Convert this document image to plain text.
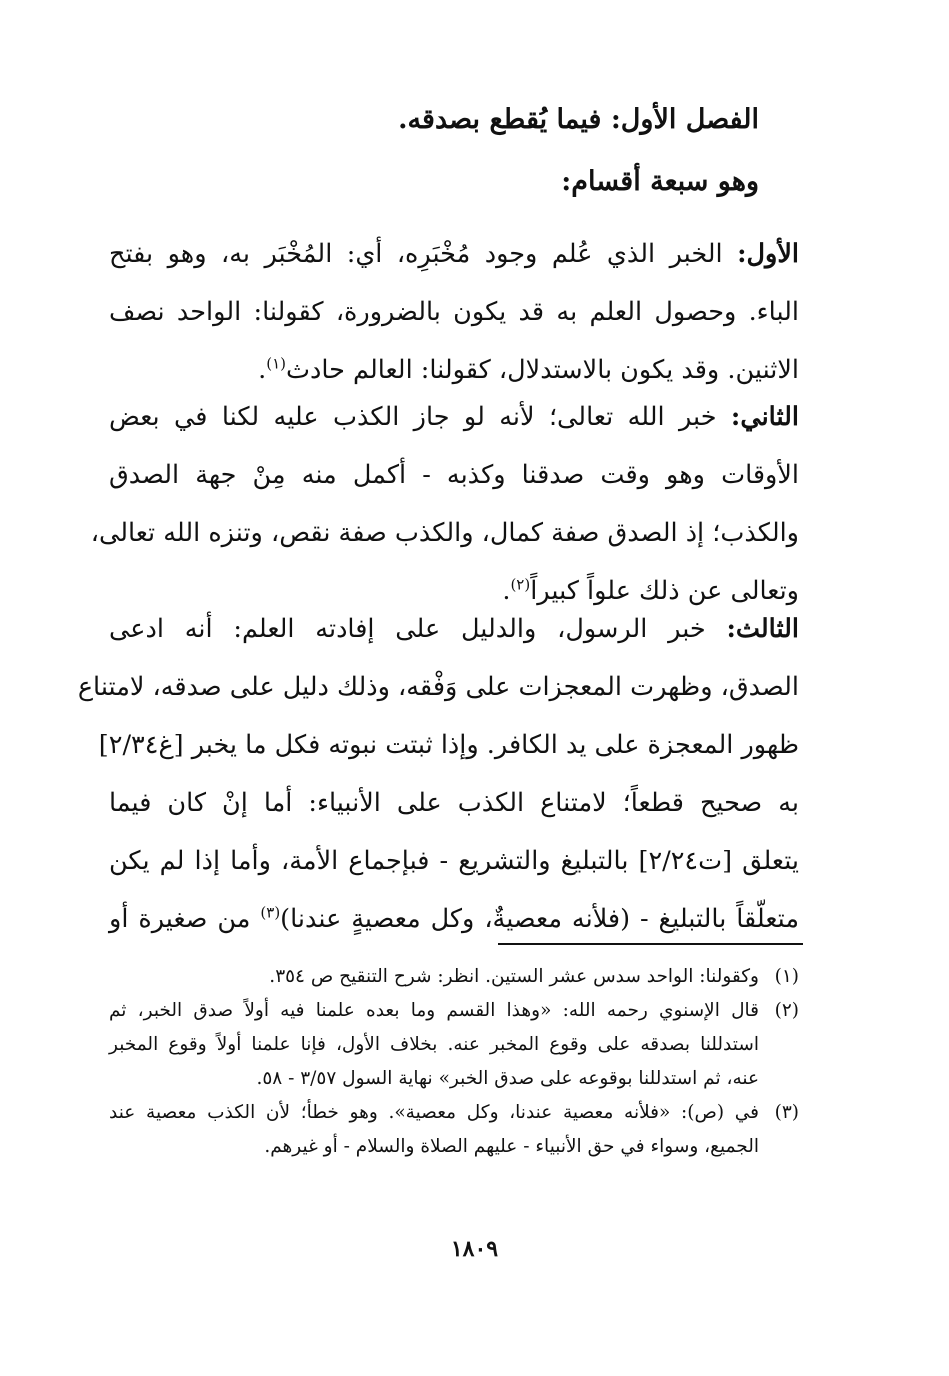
الفصل الأول: فيما يُقطع بصدقه.

وهو سبعة أقسام:

الأول: الخبر الذي عُلم وجود مُخْبَرِه، أي: المُخْبَر به، وهو بفتح
الباء. وحصول العلم به قد يكون بالضرورة، كقولنا: الواحد نصف
الاثنين. وقد يكون بالاستدلال، كقولنا: العالم حادث$^{(١)}$.
الثاني: خبر الله تعالى؛ لأنه لو جاز الكذب عليه لكنا في بعض
الأوقات وهو وقت صدقنا وكذبه - أكمل منه مِنْ جهة الصدق
والكذب؛ إذ الصدق صفة كمال، والكذب صفة نقص، وتنزه الله تعالى،
وتعالى عن ذلك علواً كبيراً$^{(٢)}$.
الثالث: خبر الرسول، والدليل على إفادته العلم: أنه ادعى
الصدق، وظهرت المعجزات على وَفْقه، وذلك دليل على صدقه، لامتناع
ظهور المعجزة على يد الكافر. وإذا ثبتت نبوته فكل ما يخبر [غ٢/٣٤]
به صحيح قطعاً؛ لامتناع الكذب على الأنبياء: أما إنْ كان فيما
يتعلق [ت٢/٢٤] بالتبليغ والتشريع - فبإجماع الأمة، وأما إذا لم يكن
متعلّقاً بالتبليغ - (فلأنه معصيةٌ، وكل معصيةٍ عندنا)$^{(٣)}$ من صغيرة أو
(١)وكقولنا: الواحد سدس عشر الستين. انظر: شرح التنقيح ص ٣٥٤.
(٢)قال الإسنوي رحمه الله: «وهذا القسم وما بعده علمنا فيه أولاً صدق الخبر، ثم
استدللنا بصدقه على وقوع المخبر عنه. بخلاف الأول، فإنا علمنا أولاً وقوع المخبر
عنه، ثم استدللنا بوقوعه على صدق الخبر» نهاية السول ٣/٥٧ - ٥٨.
(٣)في (ص): «فلأنه معصية عندنا، وكل معصية». وهو خطأ؛ لأن الكذب معصية عند
الجميع، وسواء في حق الأنبياء - عليهم الصلاة والسلام - أو غيرهم.
١٨٠٩
